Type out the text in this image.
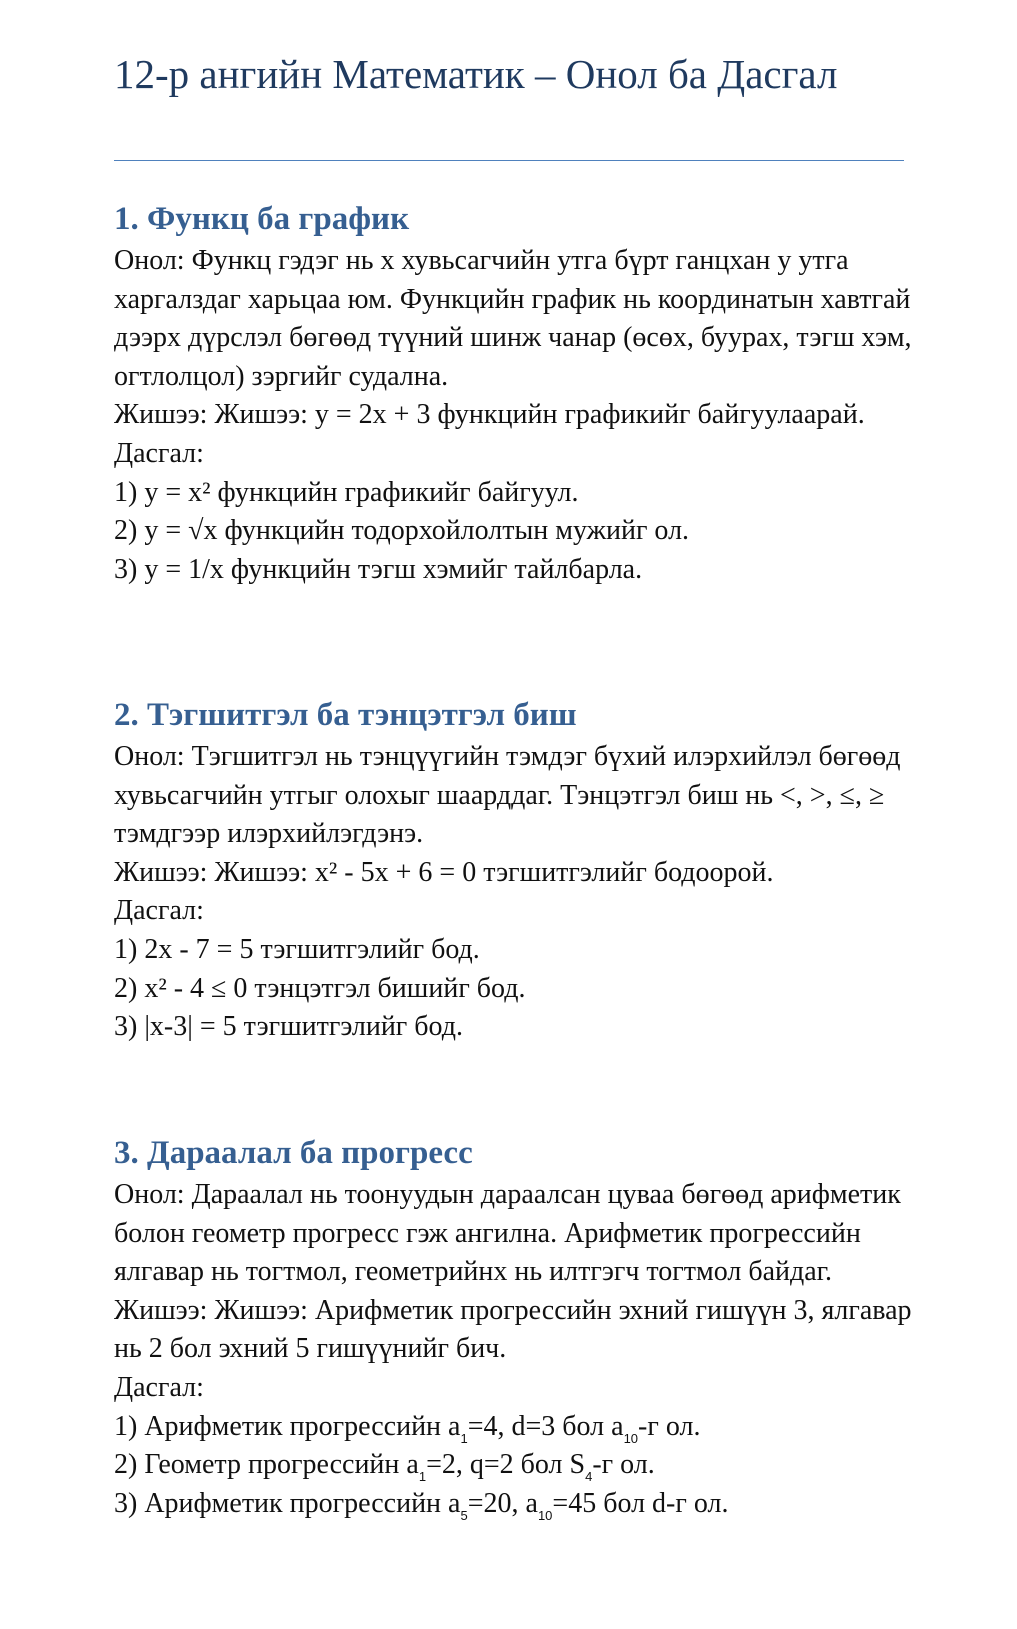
12-р ангийн Математик – Онол ба Дасгал
1. Функц ба график

Онол: Функц гэдэг нь x хувьсагчийн утга бүрт ганцхан y утга харгалздаг харьцаа юм. Функцийн график нь координатын хавтгай дээрх дүрслэл бөгөөд түүний шинж чанар (өсөх, буурах, тэгш хэм, огтлолцол) зэргийг судална.

Жишээ: Жишээ: y = 2x + 3 функцийн графикийг байгуулаарай.

Дасгал:

1) y = x² функцийн графикийг байгуул.

2) y = √x функцийн тодорхойлолтын мужийг ол.

3) y = 1/x функцийн тэгш хэмийг тайлбарла.

2. Тэгшитгэл ба тэнцэтгэл биш

Онол: Тэгшитгэл нь тэнцүүгийн тэмдэг бүхий илэрхийлэл бөгөөд хувьсагчийн утгыг олохыг шаарддаг. Тэнцэтгэл биш нь <, >, ≤, ≥ тэмдгээр илэрхийлэгдэнэ.

Жишээ: Жишээ: x² - 5x + 6 = 0 тэгшитгэлийг бодоорой.

Дасгал:

1) 2x - 7 = 5 тэгшитгэлийг бод.

2) x² - 4 ≤ 0 тэнцэтгэл бишийг бод.

3) |x-3| = 5 тэгшитгэлийг бод.

3. Дараалал ба прогресс

Онол: Дараалал нь тоонуудын дараалсан цуваа бөгөөд арифметик болон геометр прогресс гэж ангилна. Арифметик прогрессийн ялгавар нь тогтмол, геометрийнх нь илтгэгч тогтмол байдаг.

Жишээ: Жишээ: Арифметик прогрессийн эхний гишүүн 3, ялгавар нь 2 бол эхний 5 гишүүнийг бич.

Дасгал:

1) Арифметик прогрессийн $a_1=4$, d=3 бол $a_{10}-г$ ол.

2) Геометр прогрессийн $a_1=2$, q=2 бол $S_4-г$ ол.

3) Арифметик прогрессийн $a_5=20$, $a_{10}=45$ бол d-г ол.
